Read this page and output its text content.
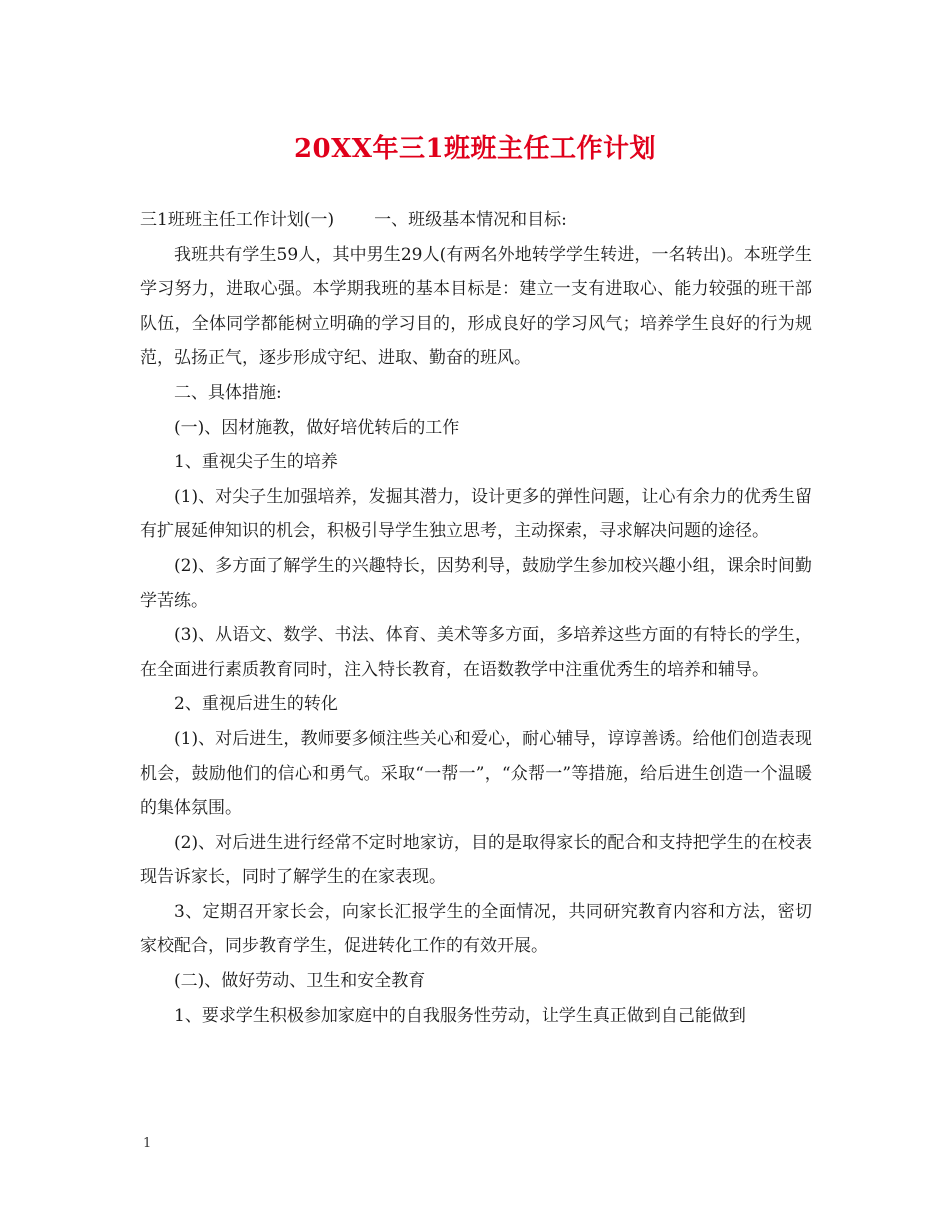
20XX年三1班班主任工作计划

三1班班主任工作计划(一) 一、班级基本情况和目标:

我班共有学生59人，其中男生29人(有两名外地转学学生转进，一名转出)。本班学生学习努力，进取心强。本学期我班的基本目标是：建立一支有进取心、能力较强的班干部队伍，全体同学都能树立明确的学习目的，形成良好的学习风气；培养学生良好的行为规范，弘扬正气，逐步形成守纪、进取、勤奋的班风。

二、具体措施:

(一)、因材施教，做好培优转后的工作

1、重视尖子生的培养

(1)、对尖子生加强培养，发掘其潜力，设计更多的弹性问题，让心有余力的优秀生留有扩展延伸知识的机会，积极引导学生独立思考，主动探索，寻求解决问题的途径。

(2)、多方面了解学生的兴趣特长，因势利导，鼓励学生参加校兴趣小组，课余时间勤学苦练。

(3)、从语文、数学、书法、体育、美术等多方面，多培养这些方面的有特长的学生，在全面进行素质教育同时，注入特长教育，在语数教学中注重优秀生的培养和辅导。

2、重视后进生的转化

(1)、对后进生，教师要多倾注些关心和爱心，耐心辅导，谆谆善诱。给他们创造表现机会，鼓励他们的信心和勇气。采取“一帮一”，“众帮一”等措施，给后进生创造一个温暖的集体氛围。

(2)、对后进生进行经常不定时地家访，目的是取得家长的配合和支持把学生的在校表现告诉家长，同时了解学生的在家表现。

3、定期召开家长会，向家长汇报学生的全面情况，共同研究教育内容和方法，密切家校配合，同步教育学生，促进转化工作的有效开展。

(二)、做好劳动、卫生和安全教育

1、要求学生积极参加家庭中的自我服务性劳动，让学生真正做到自己能做到

1
